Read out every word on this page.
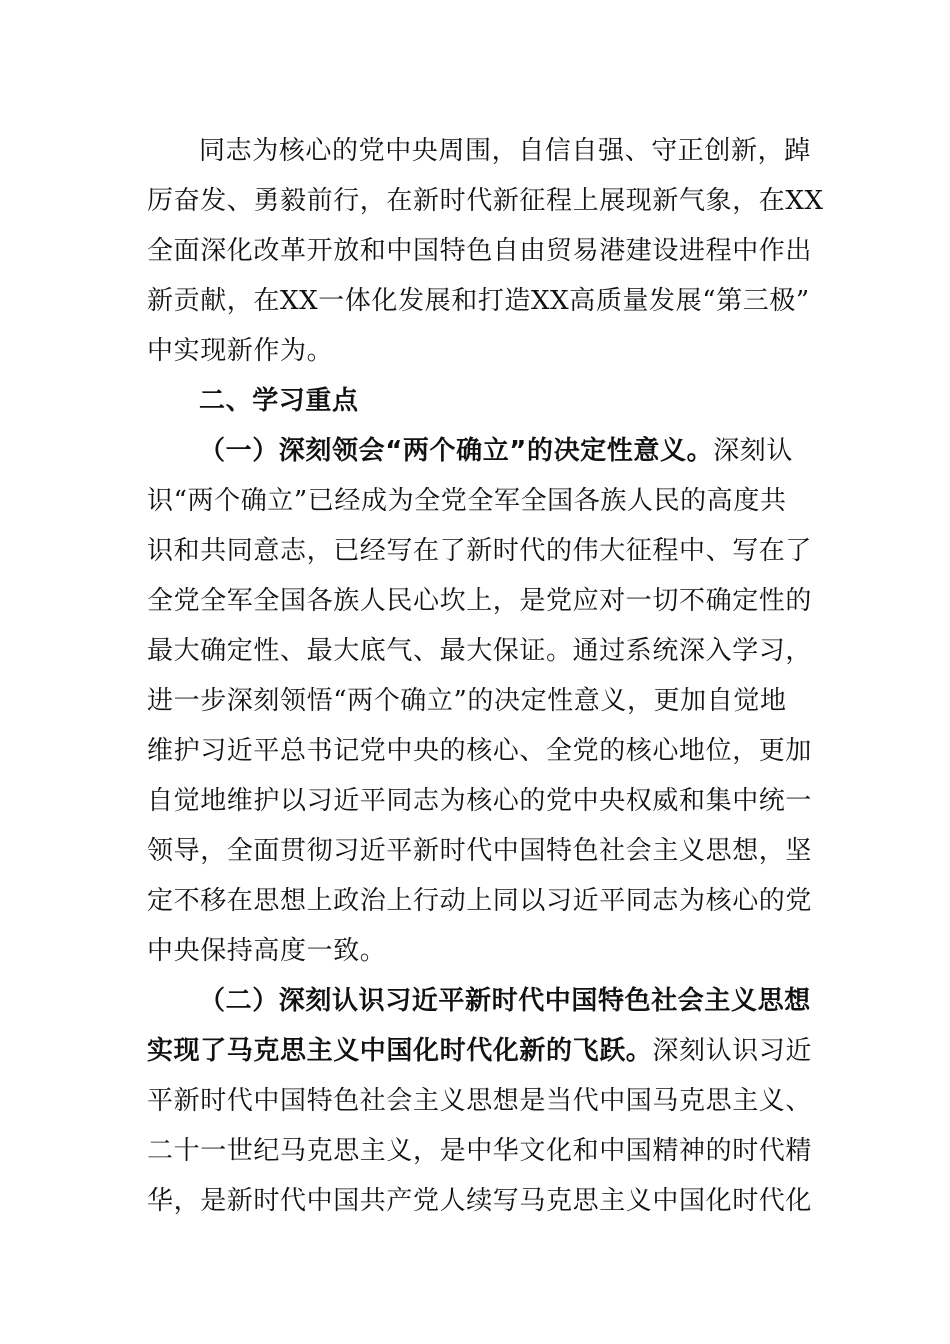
同志为核心的党中央周围，自信自强、守正创新，踔
厉奋发、勇毅前行，在新时代新征程上展现新气象，在XX
全面深化改革开放和中国特色自由贸易港建设进程中作出
新贡献，在XX一体化发展和打造XX高质量发展“第三极”
中实现新作为。
二、学习重点
（一）深刻领会“两个确立”的决定性意义。深刻认
识“两个确立”已经成为全党全军全国各族人民的高度共
识和共同意志，已经写在了新时代的伟大征程中、写在了
全党全军全国各族人民心坎上，是党应对一切不确定性的
最大确定性、最大底气、最大保证。通过系统深入学习，
进一步深刻领悟“两个确立”的决定性意义，更加自觉地
维护习近平总书记党中央的核心、全党的核心地位，更加
自觉地维护以习近平同志为核心的党中央权威和集中统一
领导，全面贯彻习近平新时代中国特色社会主义思想，坚
定不移在思想上政治上行动上同以习近平同志为核心的党
中央保持高度一致。
（二）深刻认识习近平新时代中国特色社会主义思想
实现了马克思主义中国化时代化新的飞跃。深刻认识习近
平新时代中国特色社会主义思想是当代中国马克思主义、
二十一世纪马克思主义，是中华文化和中国精神的时代精
华，是新时代中国共产党人续写马克思主义中国化时代化
